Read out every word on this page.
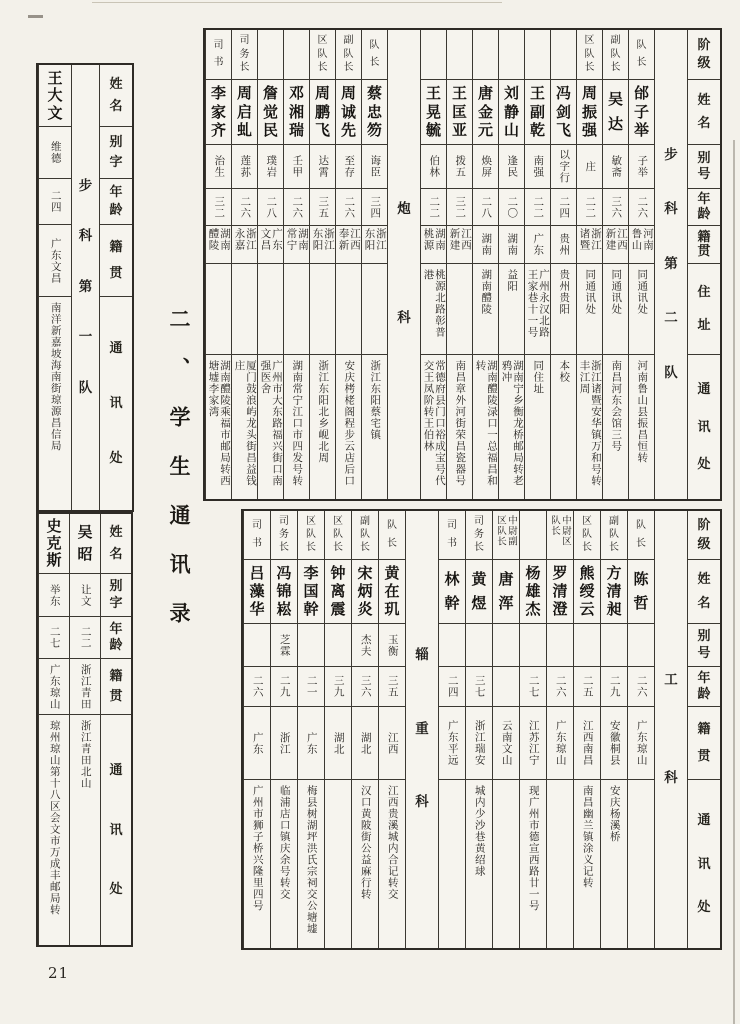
阶
级
姓
名
别
号
年
龄
籍
贯
住
址
通
讯
处
步
科
第
二
队
队
长
邰
子
举
子举
二六
河南鲁山
同通讯处
河南鲁山县振昌恒转
副
队
长
吴
达
敏斋
三六
江西新建
同通讯处
南昌河东会馆三号
区
队
长
周
振
强
庄
二二
浙江诸暨
同通讯处
浙江诸暨安华镇万和号转丰江周
冯
剑
飞
以字行
二四
贵州
贵州贵阳
本校
王
副
乾
南强
二二
广东
广州永汉北路王家巷十一号
同住址
刘
静
山
逢民
二〇
湖南
益阳
湖南宁乡衡龙桥邮局转老鸦冲
唐
金
元
焕屏
二八
湖南
湖南醴陵
湖南醴陵渌口一总福昌和转
王
匡
亚
拨五
三二
江西新建
南昌章外河街荣昌瓷器号
王
晃
毓
伯林
二二
湖南桃源
桃源北路彰普港
常德府县门口裕成宝号代交王凤阶转王伯林
炮
科
队
长
蔡
忠
笏
诲臣
三四
浙江东阳
浙江东阳蔡宅镇
副
队
长
周
诚
先
至存
二六
江西奉新
安庆栲栳阁程步云店后口
区
队
长
周
鹏
飞
达霄
三五
浙江东阳
浙江东阳北乡岘北周
邓
湘
瑞
壬甲
二六
湖南常宁
湖南常宁江口市四发号转
詹
觉
民
璞岩
二八
广东文昌
广州市大东路福兴街口南强医舍
司
务
长
周
启
虬
莲荪
二六
浙江永嘉
厦门鼓浪屿龙头街昌益钱庄
司
书
李
家
齐
治生
三二
湖南醴陵
湖南醴陵乘福市邮局转西塘墟李家湾
姓
名
别
字
年
龄
籍
贯
通
讯
处
步
科
第
一
队
王
大
文
维德
二四
广东文昌
南洋新嘉坡海南街琼源昌信局	二、学生通讯录	阶
级
姓
名
别
号
年
龄
籍
贯
通
讯
处
工
科
队
长
陈
哲
二六
广东琼山
副
队
长
方
清
昶
二九
安徽桐县
安庆杨溪桥
区
队
长
熊
绶
云
二五
江西南昌
南昌幽兰镇涂义记转
中尉区队长
罗
清
澄
二六
广东琼山
杨
雄
杰
二七
江苏江宁
现广州市德宣西路廿一号
中尉副区队长
唐
浑
云南文山
司
务
长
黄
煜
三七
浙江瑞安
城内少沙巷黄绍球
司
书
林
幹
二四
广东平远
辎
重
科
队
长
黄
在
玑
玉衡
三五
江西
江西贵溪城内合记转交
副
队
长
宋
炳
炎
杰夫
三六
湖北
汉口黄陂街公益麻行转
区
队
长
钟
离
震
三九
湖北
区
队
长
李
国
幹
二一
广东
梅县树湖坪洪氏宗祠交公塘墟
司
务
长
冯
锦
崧
芝霖
二九
浙江
临浦店口镇庆余号转交
司
书
吕
藻
华
二六
广东
广州市狮子桥兴隆里四号
姓
名
别
字
年
龄
籍
贯
通
讯
处
吴
昭
让文
二二
浙江青田
浙江青田北山
史
克
斯
举东
二七
广东琼山
琼州琼山第十八区会文市万成丰邮局转
21
